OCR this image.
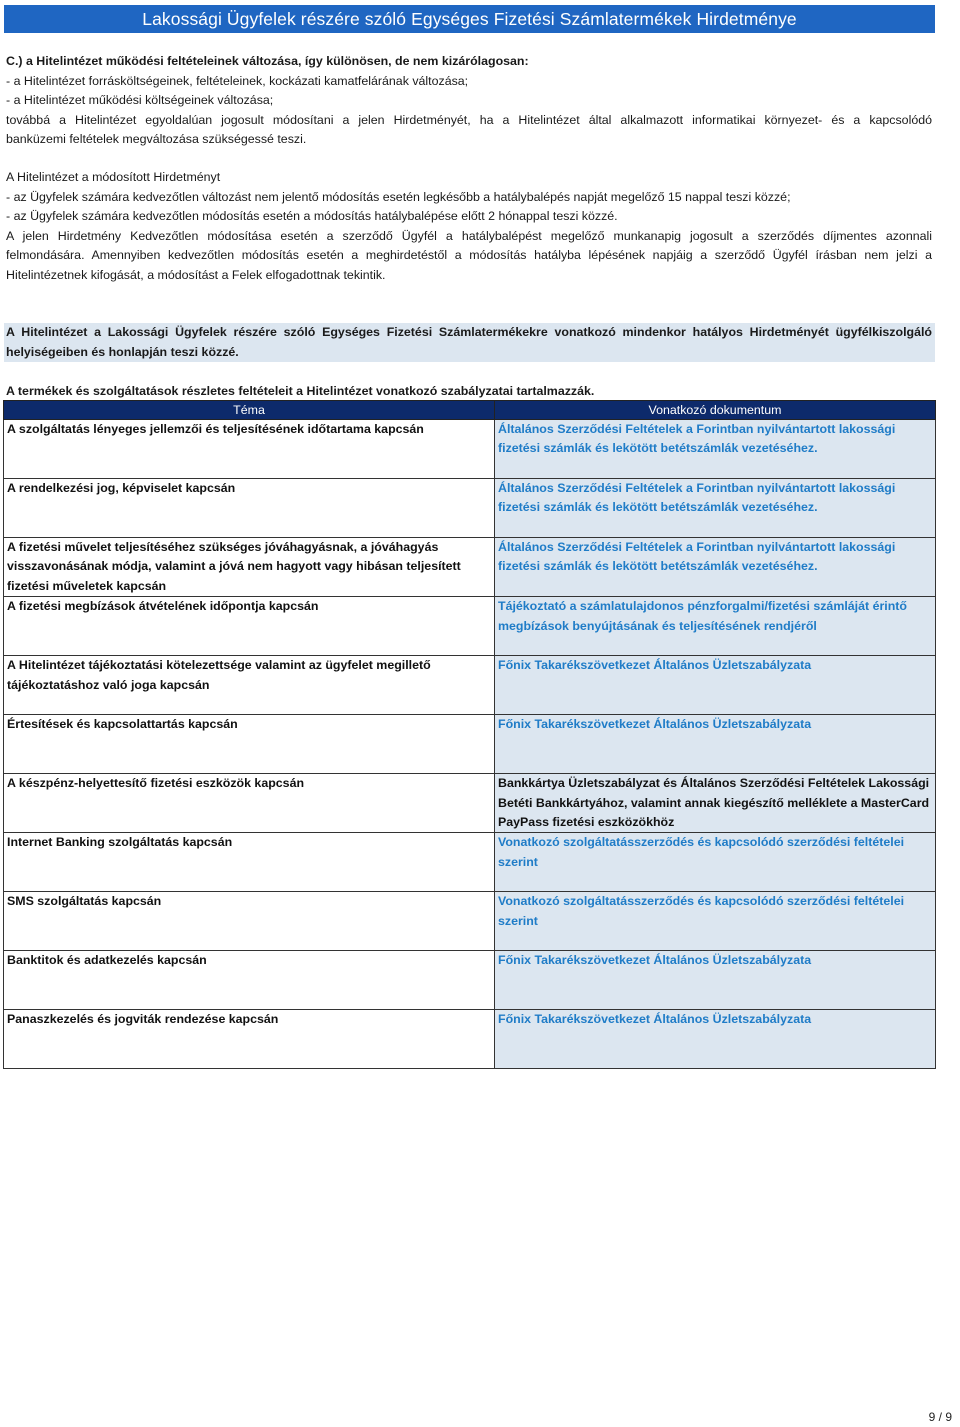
Lakossági Ügyfelek részére szóló Egységes Fizetési Számlatermékek Hirdetménye
C.) a Hitelintézet működési feltételeinek változása, így különösen, de nem kizárólagosan:
- a Hitelintézet forrásköltségeinek, feltételeinek, kockázati kamatfelárának változása;
- a Hitelintézet működési költségeinek változása;
továbbá a Hitelintézet egyoldalúan jogosult módosítani a jelen Hirdetményét, ha a Hitelintézet által alkalmazott informatikai környezet- és a kapcsolódó
banküzemi feltételek megváltozása szükségessé teszi.
A Hitelintézet a módosított Hirdetményt
- az Ügyfelek számára kedvezőtlen változást nem jelentő módosítás esetén legkésőbb a hatálybalépés napját megelőző 15 nappal teszi közzé;
- az Ügyfelek számára kedvezőtlen módosítás esetén a módosítás hatálybalépése előtt 2 hónappal teszi közzé.
A jelen Hirdetmény Kedvezőtlen módosítása esetén a szerződő Ügyfél a hatálybalépést megelőző munkanapig jogosult a szerződés díjmentes azonnali
felmondására. Amennyiben kedvezőtlen módosítás esetén a meghirdetéstől a módosítás hatályba lépésének napjáig a szerződő Ügyfél írásban nem jelzi a
Hitelintézetnek kifogását, a módosítást a Felek elfogadottnak tekintik.
A Hitelintézet a Lakossági Ügyfelek részére szóló Egységes Fizetési Számlatermékekre vonatkozó mindenkor hatályos Hirdetményét ügyfélkiszolgáló
helyiségeiben és honlapján teszi közzé.
A termékek és szolgáltatások részletes feltételeit a Hitelintézet vonatkozó szabályzatai tartalmazzák.
Téma	Vonatkozó dokumentum
A szolgáltatás lényeges jellemzői és teljesítésének időtartama kapcsán	Általános Szerződési Feltételek a Forintban nyilvántartott lakossági fizetési számlák és lekötött betétszámlák vezetéséhez.
A rendelkezési jog, képviselet kapcsán	Általános Szerződési Feltételek a Forintban nyilvántartott lakossági fizetési számlák és lekötött betétszámlák vezetéséhez.
A fizetési művelet teljesítéséhez szükséges jóváhagyásnak, a jóváhagyás visszavonásának módja, valamint a jóvá nem hagyott vagy hibásan teljesített fizetési műveletek kapcsán	Általános Szerződési Feltételek a Forintban nyilvántartott lakossági fizetési számlák és lekötött betétszámlák vezetéséhez.
A fizetési megbízások átvételének időpontja kapcsán	Tájékoztató a számlatulajdonos pénzforgalmi/fizetési számláját érintő megbízások benyújtásának és teljesítésének rendjéről
A Hitelintézet tájékoztatási kötelezettsége valamint az ügyfelet megillető tájékoztatáshoz való joga kapcsán	Főnix Takarékszövetkezet Általános Üzletszabályzata
Értesítések és kapcsolattartás kapcsán	Főnix Takarékszövetkezet Általános Üzletszabályzata
A készpénz-helyettesítő fizetési eszközök kapcsán	Bankkártya Üzletszabályzat és Általános Szerződési Feltételek Lakossági Betéti Bankkártyához, valamint annak kiegészítő melléklete a MasterCard PayPass fizetési eszközökhöz
Internet Banking szolgáltatás kapcsán	Vonatkozó szolgáltatásszerződés és kapcsolódó szerződési feltételei szerint
SMS szolgáltatás kapcsán	Vonatkozó szolgáltatásszerződés és kapcsolódó szerződési feltételei szerint
Banktitok és adatkezelés kapcsán	Főnix Takarékszövetkezet Általános Üzletszabályzata
Panaszkezelés és jogviták rendezése kapcsán	Főnix Takarékszövetkezet Általános Üzletszabályzata
9 / 9
